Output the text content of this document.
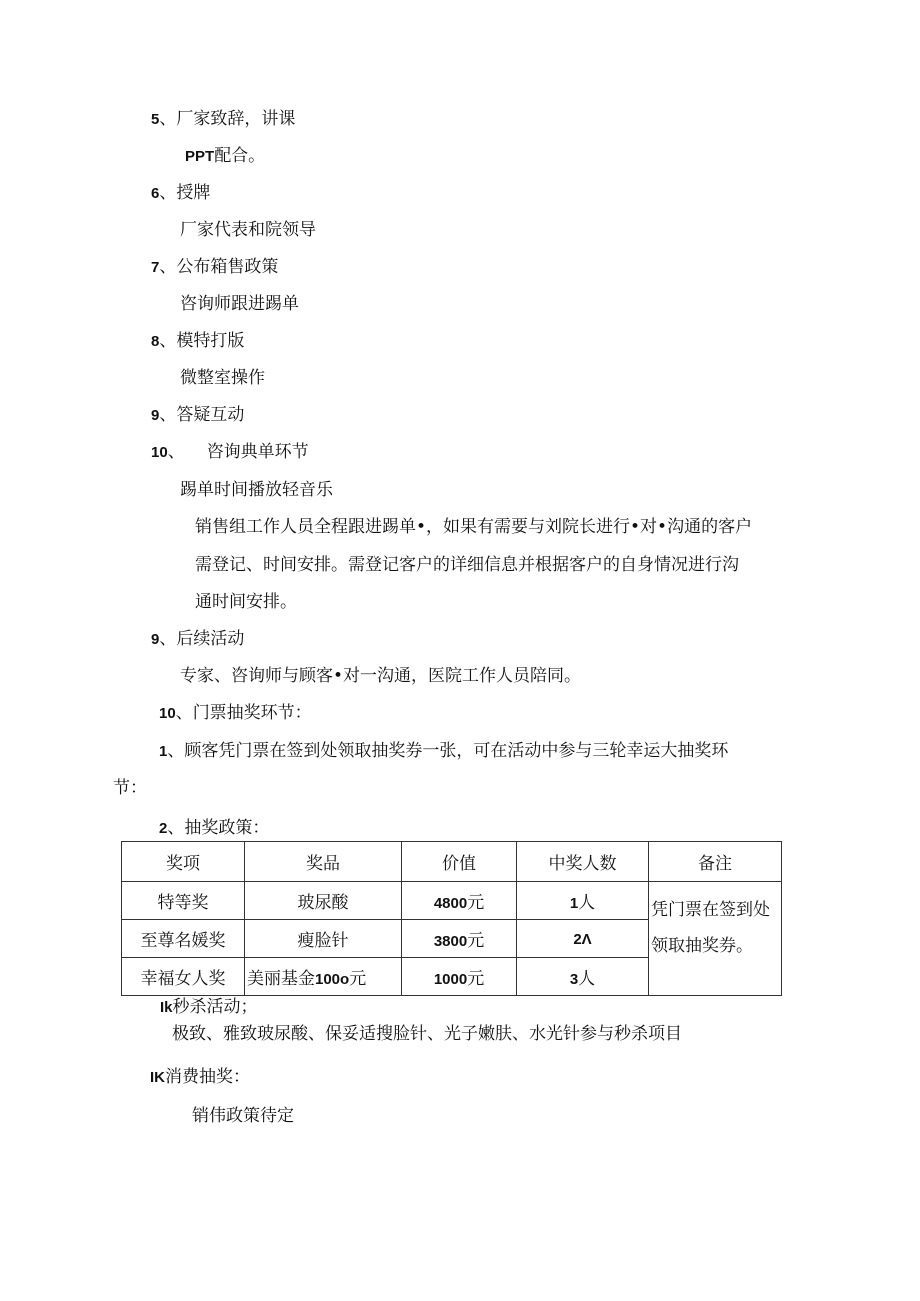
5、厂家致辞，讲课
PPT配合。
6、授牌
厂家代表和院领导
7、公布箱售政策
咨询师跟进踢单
8、模特打版
微整室操作
9、答疑互动
10、 咨询典单环节
踢单时间播放轻音乐
销售组工作人员全程跟进踢单•，如果有需要与刘院长进行•对•沟通的客户
需登记、时间安排。需登记客户的详细信息并根据客户的自身情况进行沟
通时间安排。
9、后续活动
专家、咨询师与顾客•对一沟通，医院工作人员陪同。
10、门票抽奖环节：
1、顾客凭门票在签到处领取抽奖券一张，可在活动中参与三轮幸运大抽奖环
节：
2、抽奖政策：
奖项	奖品	价值	中奖人数	备注
特等奖	玻尿酸	4800元	1人	凭门票在签到处领取抽奖券。
至尊名媛奖	瘦脸针	3800元	2Λ	
幸福女人奖	美丽基金100o元	1000元	3人	
Ik秒杀活动；
极致、雅致玻尿酸、保妥适搜脸针、光子嫩肤、水光针参与秒杀项目
IK消费抽奖：
销伟政策待定
